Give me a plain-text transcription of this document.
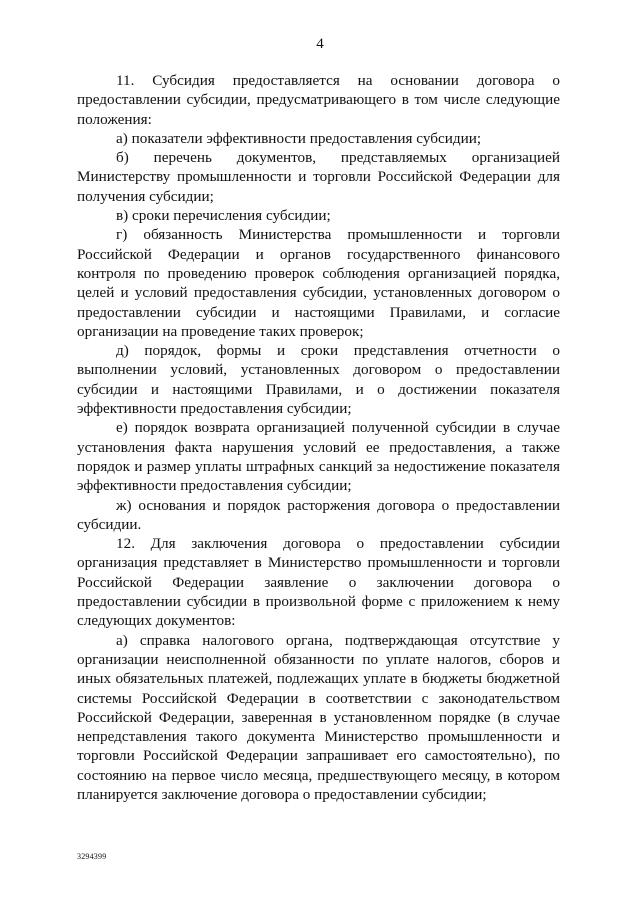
4

11. Субсидия предоставляется на основании договора о предоставлении субсидии, предусматривающего в том числе следующие положения:

а) показатели эффективности предоставления субсидии;

б) перечень документов, представляемых организацией Министерству промышленности и торговли Российской Федерации для получения субсидии;

в) сроки перечисления субсидии;

г) обязанность Министерства промышленности и торговли Российской Федерации и органов государственного финансового контроля по проведению проверок соблюдения организацией порядка, целей и условий предоставления субсидии, установленных договором о предоставлении субсидии и настоящими Правилами, и согласие организации на проведение таких проверок;

д) порядок, формы и сроки представления отчетности о выполнении условий, установленных договором о предоставлении субсидии и настоящими Правилами, и о достижении показателя эффективности предоставления субсидии;

е) порядок возврата организацией полученной субсидии в случае установления факта нарушения условий ее предоставления, а также порядок и размер уплаты штрафных санкций за недостижение показателя эффективности предоставления субсидии;

ж) основания и порядок расторжения договора о предоставлении субсидии.

12. Для заключения договора о предоставлении субсидии организация представляет в Министерство промышленности и торговли Российской Федерации заявление о заключении договора о предоставлении субсидии в произвольной форме с приложением к нему следующих документов:

а) справка налогового органа, подтверждающая отсутствие у организации неисполненной обязанности по уплате налогов, сборов и иных обязательных платежей, подлежащих уплате в бюджеты бюджетной системы Российской Федерации в соответствии с законодательством Российской Федерации, заверенная в установленном порядке (в случае непредставления такого документа Министерство промышленности и торговли Российской Федерации запрашивает его самостоятельно), по состоянию на первое число месяца, предшествующего месяцу, в котором планируется заключение договора о предоставлении субсидии;

3294399
